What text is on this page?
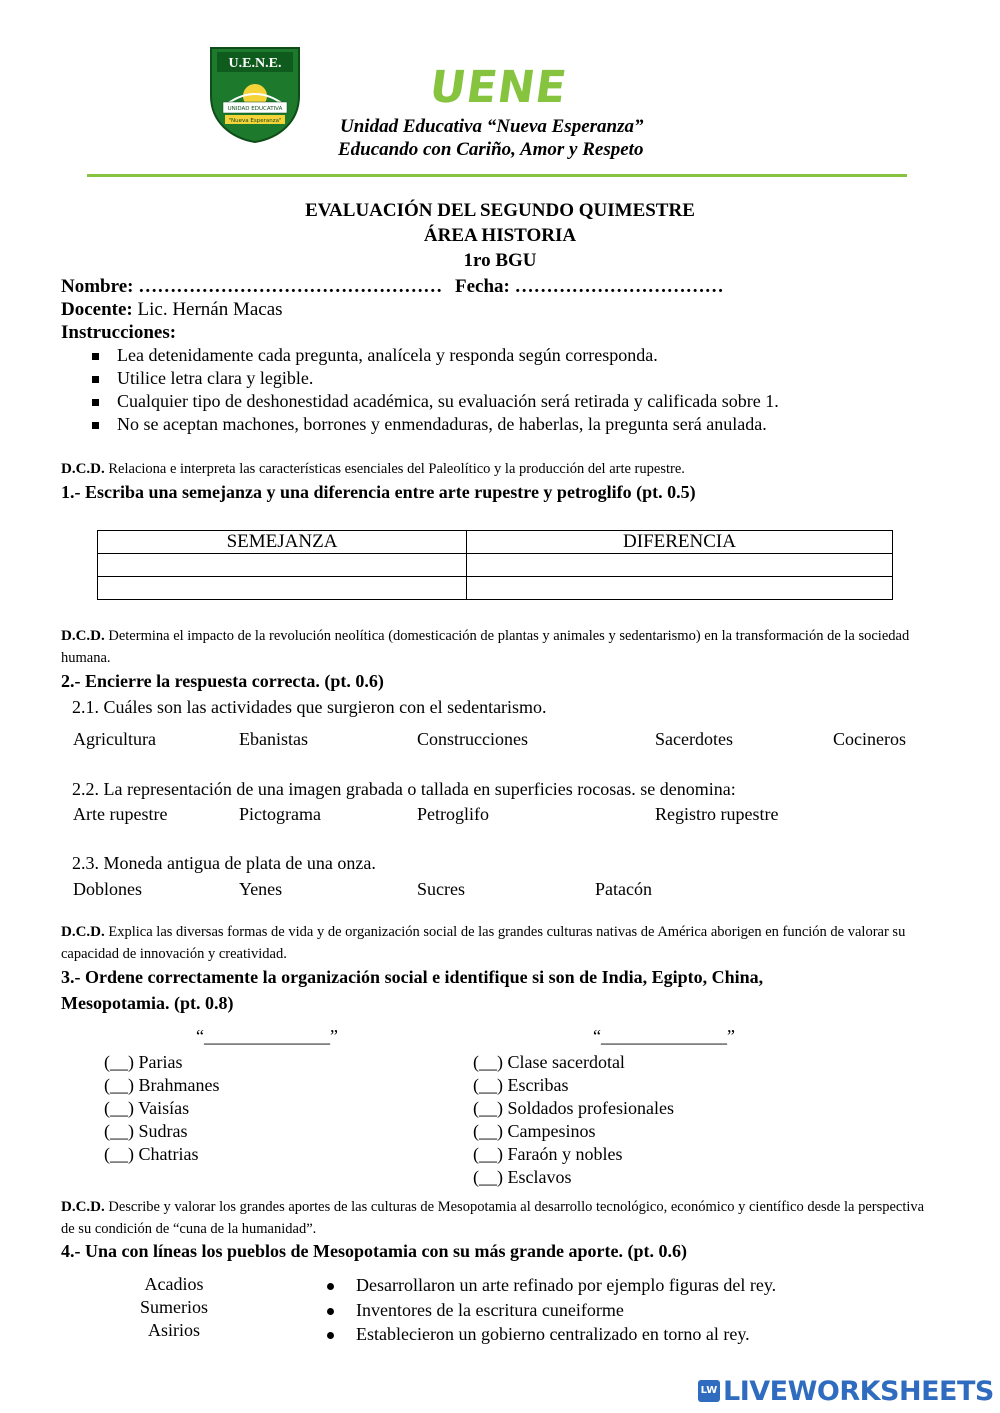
U.E.N.E.
UNIDAD EDUCATIVA
"Nueva Esperanza"
UENE
Unidad Educativa “Nueva Esperanza”
Educando con Cariño, Amor y Respeto
EVALUACIÓN DEL SEGUNDO QUIMESTRE
ÁREA HISTORIA
1ro BGU
Nombre: ………………………………………… Fecha: ……………………………
Docente: Lic. Hernán Macas
Instrucciones:
Lea detenidamente cada pregunta, analícela y responda según corresponda.
Utilice letra clara y legible.
Cualquier tipo de deshonestidad académica, su evaluación será retirada y calificada sobre 1.
No se aceptan machones, borrones y enmendaduras, de haberlas, la pregunta será anulada.
D.C.D. Relaciona e interpreta las características esenciales del Paleolítico y la producción del arte rupestre.
1.- Escriba una semejanza y una diferencia entre arte rupestre y petroglifo (pt. 0.5)
SEMEJANZA	DIFERENCIA

D.C.D. Determina el impacto de la revolución neolítica (domesticación de plantas y animales y sedentarismo) en la transformación de la sociedad humana.
2.- Encierre la respuesta correcta. (pt. 0.6)
2.1. Cuáles son las actividades que surgieron con el sedentarismo.
Agricultura	Ebanistas	Construcciones	Sacerdotes	Cocineros
2.2. La representación de una imagen grabada o tallada en superficies rocosas. se denomina:
Arte rupestre	Pictograma	Petroglifo	Registro rupestre
2.3. Moneda antigua de plata de una onza.
Doblones	Yenes	Sucres	Patacón
D.C.D. Explica las diversas formas de vida y de organización social de las grandes culturas nativas de América aborigen en función de valorar su capacidad de innovación y creatividad.
3.- Ordene correctamente la organización social e identifique si son de India, Egipto, China,
Mesopotamia. (pt. 0.8)
“______________”	“______________”
(__) Parias
(__) Brahmanes
(__) Vaisías
(__) Sudras
(__) Chatrias
(__) Clase sacerdotal
(__) Escribas
(__) Soldados profesionales
(__) Campesinos
(__) Faraón y nobles
(__) Esclavos
D.C.D. Describe y valorar los grandes aportes de las culturas de Mesopotamia al desarrollo tecnológico, económico y científico desde la perspectiva de su condición de “cuna de la humanidad”.
4.- Una con líneas los pueblos de Mesopotamia con su más grande aporte. (pt. 0.6)
Acadios
Sumerios
Asirios
Desarrollaron un arte refinado por ejemplo figuras del rey.
Inventores de la escritura cuneiforme
Establecieron un gobierno centralizado en torno al rey.
LW LIVEWORKSHEETS
